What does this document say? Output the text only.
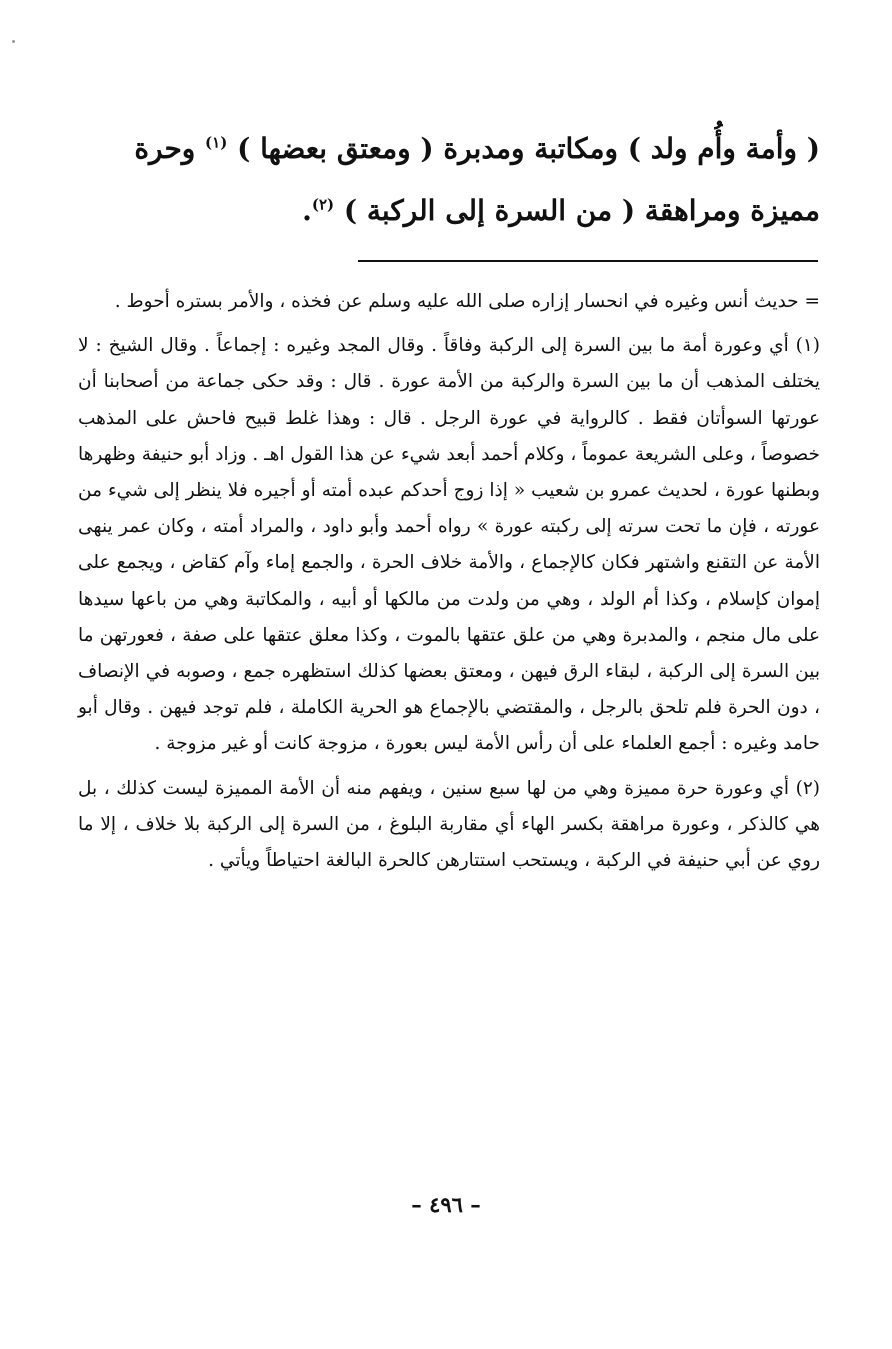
( وأمة وأُم ولد ) ومكاتبة ومدبرة ( ومعتق بعضها ) $^{(١)}$ وحرة

مميزة ومراهقة ( من السرة إلى الركبة ) $^{(٢)}$.

= حديث أنس وغيره في انحسار إزاره صلى الله عليه وسلم عن فخذه ، والأمر بستره أحوط .

(١) أي وعورة أمة ما بين السرة إلى الركبة وفاقاً . وقال المجد وغيره : إجماعاً . وقال الشيخ : لا يختلف المذهب أن ما بين السرة والركبة من الأمة عورة . قال : وقد حكى جماعة من أصحابنا أن عورتها السوأتان فقط . كالرواية في عورة الرجل . قال : وهذا غلط قبيح فاحش على المذهب خصوصاً ، وعلى الشريعة عموماً ، وكلام أحمد أبعد شيء عن هذا القول اهـ . وزاد أبو حنيفة وظهرها وبطنها عورة ، لحديث عمرو بن شعيب « إذا زوج أحدكم عبده أمته أو أجيره فلا ينظر إلى شيء من عورته ، فإن ما تحت سرته إلى ركبته عورة » رواه أحمد وأبو داود ، والمراد أمته ، وكان عمر ينهى الأمة عن التقنع واشتهر فكان كالإجماع ، والأمة خلاف الحرة ، والجمع إماء وآم كقاض ، ويجمع على إموان كإسلام ، وكذا أم الولد ، وهي من ولدت من مالكها أو أبيه ، والمكاتبة وهي من باعها سيدها على مال منجم ، والمدبرة وهي من علق عتقها بالموت ، وكذا معلق عتقها على صفة ، فعورتهن ما بين السرة إلى الركبة ، لبقاء الرق فيهن ، ومعتق بعضها كذلك استظهره جمع ، وصوبه في الإنصاف ، دون الحرة فلم تلحق بالرجل ، والمقتضي بالإجماع هو الحرية الكاملة ، فلم توجد فيهن . وقال أبو حامد وغيره : أجمع العلماء على أن رأس الأمة ليس بعورة ، مزوجة كانت أو غير مزوجة .

(٢) أي وعورة حرة مميزة وهي من لها سبع سنين ، ويفهم منه أن الأمة المميزة ليست كذلك ، بل هي كالذكر ، وعورة مراهقة بكسر الهاء أي مقاربة البلوغ ، من السرة إلى الركبة بلا خلاف ، إلا ما روي عن أبي حنيفة في الركبة ، ويستحب استتارهن كالحرة البالغة احتياطاً ويأتي .

– ٤٩٦ –
